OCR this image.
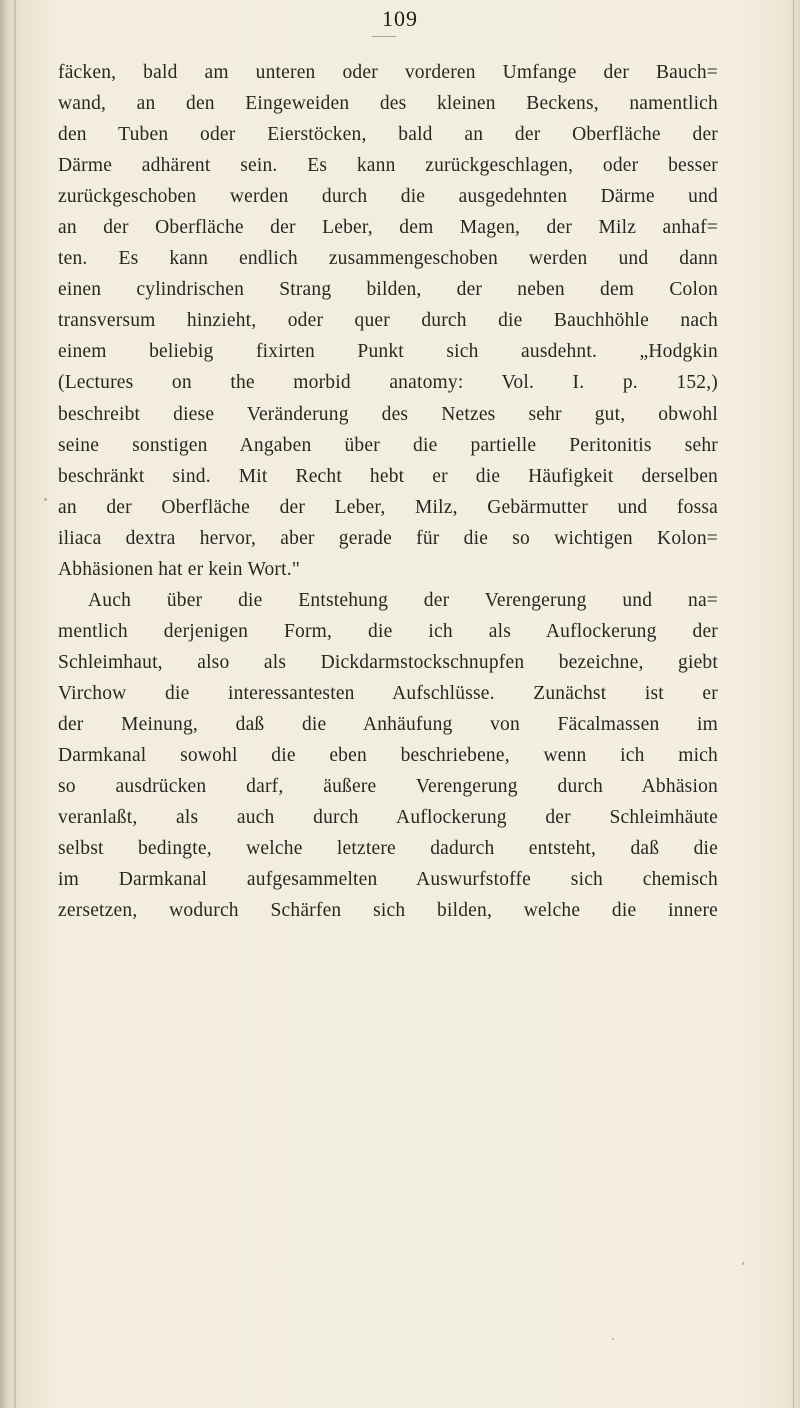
109
fäcken, bald am unteren oder vorderen Umfange der Bauch=
wand, an den Eingeweiden des kleinen Beckens, namentlich
den Tuben oder Eierstöcken, bald an der Oberfläche der
Därme adhärent sein. Es kann zurückgeschlagen, oder besser
zurückgeschoben werden durch die ausgedehnten Därme und
an der Oberfläche der Leber, dem Magen, der Milz anhaf=
ten. Es kann endlich zusammengeschoben werden und dann
einen cylindrischen Strang bilden, der neben dem Colon
transversum hinzieht, oder quer durch die Bauchhöhle nach
einem beliebig fixirten Punkt sich ausdehnt. „Hodgkin
(Lectures on the morbid anatomy: Vol. I. p. 152,)
beschreibt diese Veränderung des Netzes sehr gut, obwohl
seine sonstigen Angaben über die partielle Peritonitis sehr
beschränkt sind. Mit Recht hebt er die Häufigkeit derselben
an der Oberfläche der Leber, Milz, Gebärmutter und fossa
iliaca dextra hervor, aber gerade für die so wichtigen Kolon=
Abhäsionen hat er kein Wort."
Auch über die Entstehung der Verengerung und na=
mentlich derjenigen Form, die ich als Auflockerung der
Schleimhaut, also als Dickdarmstockschnupfen bezeichne, giebt
Virchow die interessantesten Aufschlüsse. Zunächst ist er
der Meinung, daß die Anhäufung von Fäcalmassen im
Darmkanal sowohl die eben beschriebene, wenn ich mich
so ausdrücken darf, äußere Verengerung durch Abhäsion
veranlaßt, als auch durch Auflockerung der Schleimhäute
selbst bedingte, welche letztere dadurch entsteht, daß die
im Darmkanal aufgesammelten Auswurfstoffe sich chemisch
zersetzen, wodurch Schärfen sich bilden, welche die innere
